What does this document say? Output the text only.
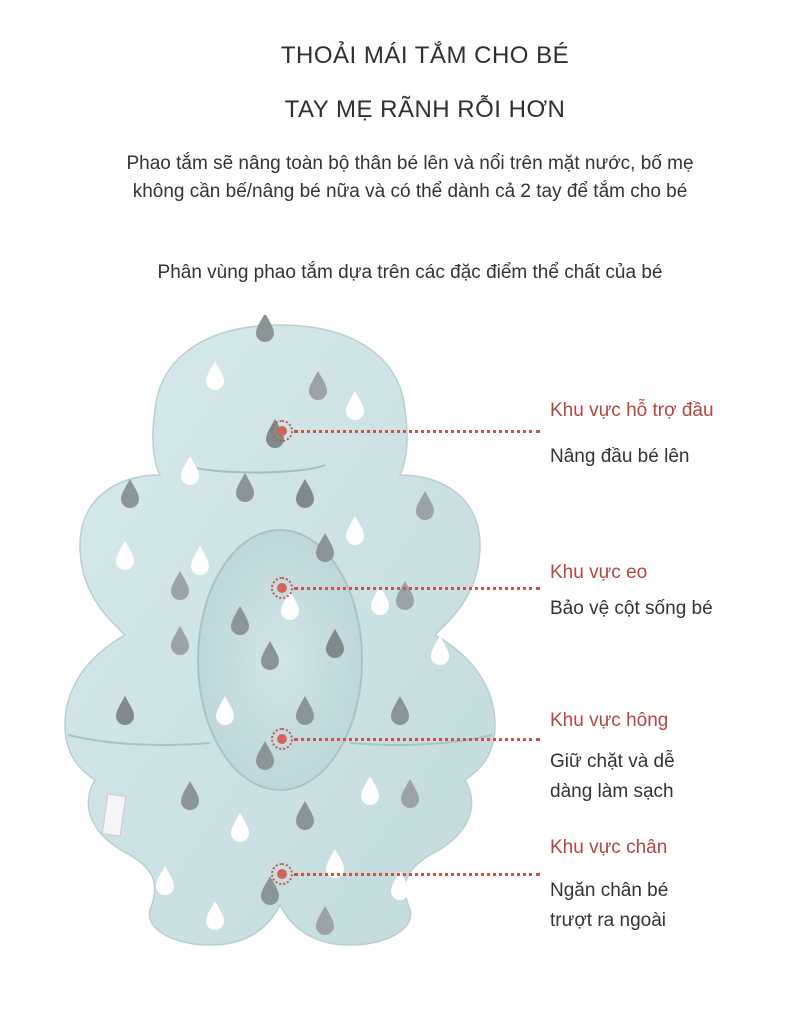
THOẢI MÁI TẮM CHO BÉ
TAY MẸ RÃNH RỖI HƠN
Phao tắm sẽ nâng toàn bộ thân bé lên và nổi trên mặt nước, bố mẹ không cần bế/nâng bé nữa và có thể dành cả 2 tay để tắm cho bé
Phân vùng phao tắm dựa trên các đặc điểm thể chất của bé
Khu vực hỗ trợ đầu
Nâng đầu bé lên
Khu vực eo
Bảo vệ cột sống bé
Khu vực hông
Giữ chặt và dễ
dàng làm sạch
Khu vực chân
Ngăn chân bé
trượt ra ngoài
